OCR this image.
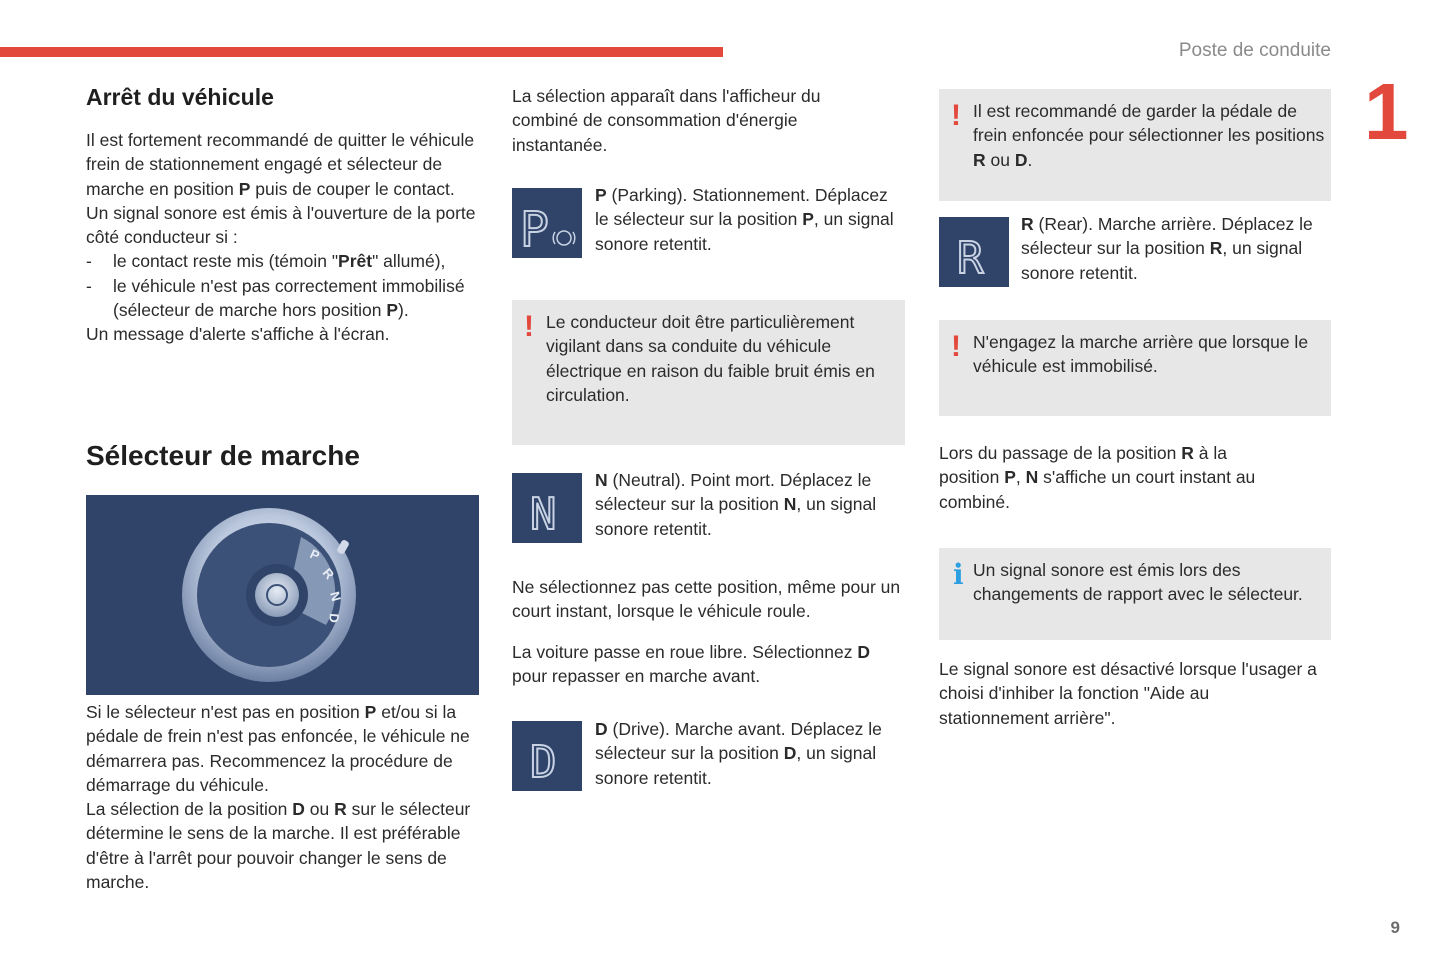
Poste de conduite
1
9

Arrêt du véhicule

Il est fortement recommandé de quitter le véhicule frein de stationnement engagé et sélecteur de marche en position P puis de couper le contact.

Un signal sonore est émis à l'ouverture de la porte côté conducteur si :

- le contact reste mis (témoin "Prêt" allumé),

- le véhicule n'est pas correctement immobilisé (sélecteur de marche hors position P).

Un message d'alerte s'affiche à l'écran.

Sélecteur de marche

P
R
N
D

Si le sélecteur n'est pas en position P et/ou si la pédale de frein n'est pas enfoncée, le véhicule ne démarrera pas. Recommencez la procédure de démarrage du véhicule.

La sélection de la position D ou R sur le sélecteur détermine le sens de la marche. Il est préférable d'être à l'arrêt pour pouvoir changer le sens de marche.

La sélection apparaît dans l'afficheur du combiné de consommation d'énergie instantanée.

P

P (Parking). Stationnement. Déplacez le sélecteur sur la position P, un signal sonore retentit.

! Le conducteur doit être particulièrement vigilant dans sa conduite du véhicule électrique en raison du faible bruit émis en circulation.

N

N (Neutral). Point mort. Déplacez le sélecteur sur la position N, un signal sonore retentit.

Ne sélectionnez pas cette position, même pour un court instant, lorsque le véhicule roule.

La voiture passe en roue libre. Sélectionnez D pour repasser en marche avant.

D

D (Drive). Marche avant. Déplacez le sélecteur sur la position D, un signal sonore retentit.

! Il est recommandé de garder la pédale de frein enfoncée pour sélectionner les positions R ou D.

R

R (Rear). Marche arrière. Déplacez le sélecteur sur la position R, un signal sonore retentit.

! N'engagez la marche arrière que lorsque le véhicule est immobilisé.

Lors du passage de la position R à la position P, N s'affiche un court instant au combiné.

i Un signal sonore est émis lors des changements de rapport avec le sélecteur.

Le signal sonore est désactivé lorsque l'usager a choisi d'inhiber la fonction "Aide au stationnement arrière".
